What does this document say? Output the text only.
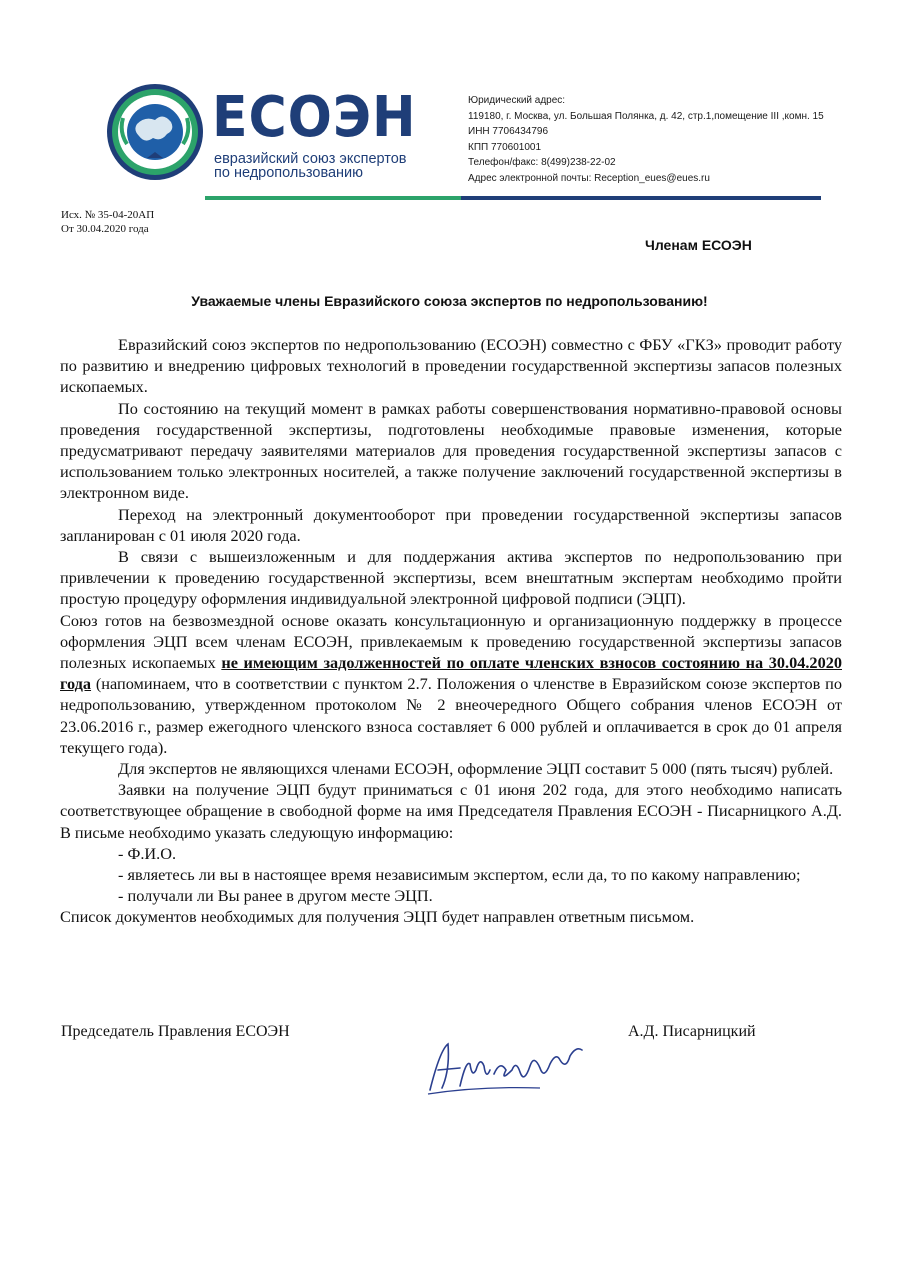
ЕСОЭН
евразийский союз экспертов
по недропользованию
Юридический адрес:
119180, г. Москва, ул. Большая Полянка, д. 42, стр.1,помещение III ,комн. 15
ИНН 7706434796
КПП 770601001
Телефон/факс: 8(499)238-22-02
Адрес электронной почты: Reception_eues@eues.ru
Исх. № 35-04-20АП
От 30.04.2020 года
Членам ЕСОЭН
Уважаемые члены Евразийского союза экспертов по недропользованию!

Евразийский союз экспертов по недропользованию (ЕСОЭН) совместно с ФБУ «ГКЗ» проводит работу по развитию и внедрению цифровых технологий в проведении государственной экспертизы запасов полезных ископаемых.

По состоянию на текущий момент в рамках работы совершенствования нормативно-правовой основы проведения государственной экспертизы, подготовлены необходимые правовые изменения, которые предусматривают передачу заявителями материалов для проведения государственной экспертизы запасов с использованием только электронных носителей, а также получение заключений государственной экспертизы в электронном виде.

Переход на электронный документооборот при проведении государственной экспертизы запасов запланирован с 01 июля 2020 года.

В связи с вышеизложенным и для поддержания актива экспертов по недропользованию при привлечении к проведению государственной экспертизы, всем внештатным экспертам необходимо пройти простую процедуру оформления индивидуальной электронной цифровой подписи (ЭЦП).

Союз готов на безвозмездной основе оказать консультационную и организационную поддержку в процессе оформления ЭЦП всем членам ЕСОЭН, привлекаемым к проведению государственной экспертизы запасов полезных ископаемых не имеющим задолженностей по оплате членских взносов состоянию на 30.04.2020 года (напоминаем, что в соответствии с пунктом 2.7. Положения о членстве в Евразийском союзе экспертов по недропользованию, утвержденном протоколом № 2 внеочередного Общего собрания членов ЕСОЭН от 23.06.2016 г., размер ежегодного членского взноса составляет 6 000 рублей и оплачивается в срок до 01 апреля текущего года).

Для экспертов не являющихся членами ЕСОЭН, оформление ЭЦП составит 5 000 (пять тысяч) рублей.

Заявки на получение ЭЦП будут приниматься с 01 июня 202 года, для этого необходимо написать соответствующее обращение в свободной форме на имя Председателя Правления ЕСОЭН - Писарницкого А.Д. В письме необходимо указать следующую информацию:

- Ф.И.О.

- являетесь ли вы в настоящее время независимым экспертом, если да, то по какому направлению;

- получали ли Вы ранее в другом месте ЭЦП.

Список документов необходимых для получения ЭЦП будет направлен ответным письмом.

Председатель Правления ЕСОЭН	А.Д. Писарницкий
